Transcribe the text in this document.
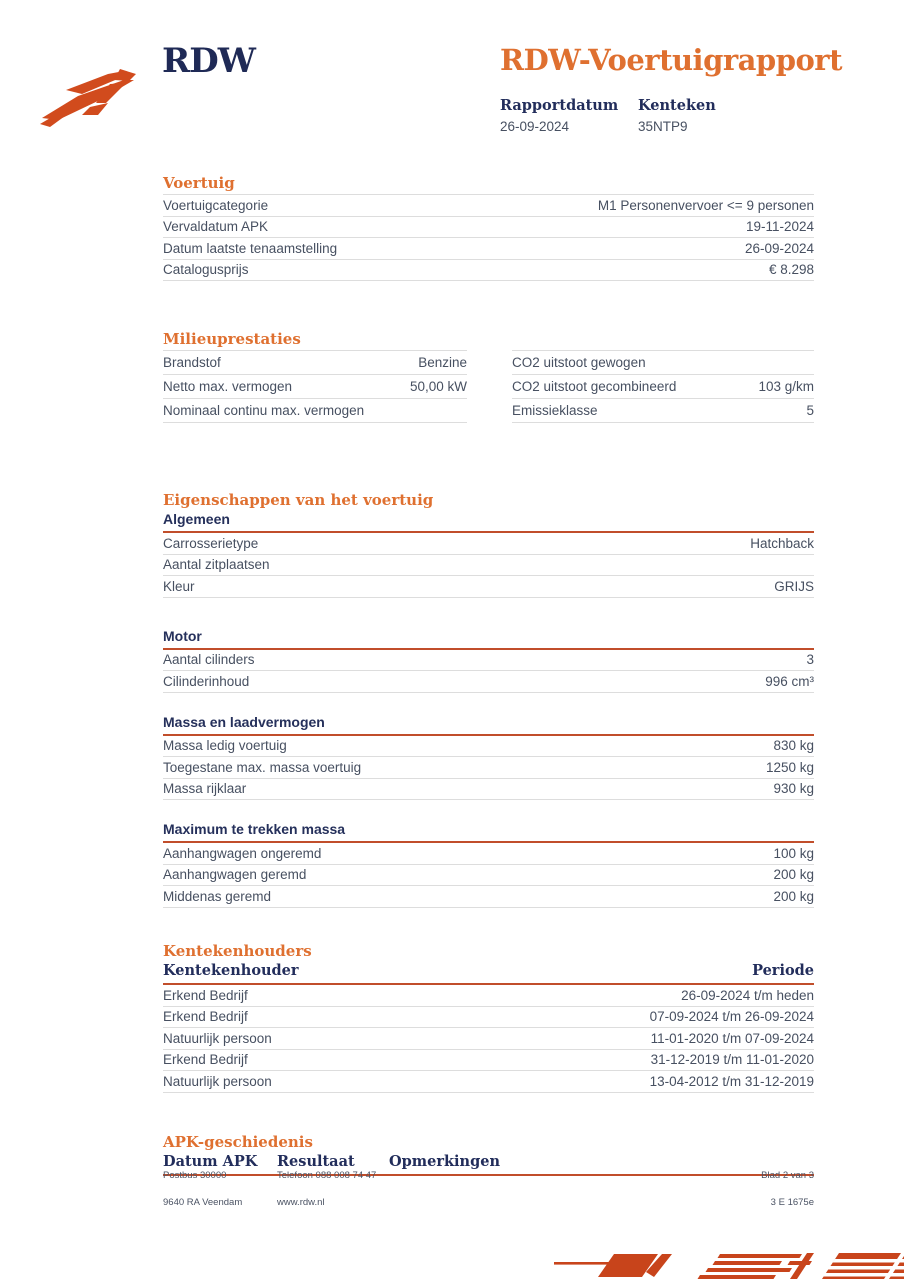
RDW	RDW-Voertuigrapport
Rapportdatum Kenteken
26-09-2024	35NTP9
Voertuig
Voertuigcategorie	M1 Personenvervoer <= 9 personen
Vervaldatum APK	19-11-2024
Datum laatste tenaamstelling	26-09-2024
Catalogusprijs	€ 8.298
Milieuprestaties
Brandstof	Benzine
Netto max. vermogen	50,00 kW
Nominaal continu max. vermogen
CO2 uitstoot gewogen
CO2 uitstoot gecombineerd	103 g/km
Emissieklasse	5
Eigenschappen van het voertuig
Algemeen
Carrosserietype	Hatchback
Aantal zitplaatsen
Kleur	GRIJS
Motor
Aantal cilinders	3
Cilinderinhoud	996 cm³
Massa en laadvermogen
Massa ledig voertuig	830 kg
Toegestane max. massa voertuig	1250 kg
Massa rijklaar	930 kg
Maximum te trekken massa
Aanhangwagen ongeremd	100 kg
Aanhangwagen geremd	200 kg
Middenas geremd	200 kg
Kentekenhouders
Kentekenhouder	Periode
Erkend Bedrijf	26-09-2024 t/m heden
Erkend Bedrijf	07-09-2024 t/m 26-09-2024
Natuurlijk persoon	11-01-2020 t/m 07-09-2024
Erkend Bedrijf	31-12-2019 t/m 11-01-2020
Natuurlijk persoon	13-04-2012 t/m 31-12-2019
APK-geschiedenis
Datum APK	Resultaat	Opmerkingen
Postbus 30000	Telefoon 088 008 74 47	Blad 2 van 3
9640 RA Veendam	www.rdw.nl	3 E 1675e
